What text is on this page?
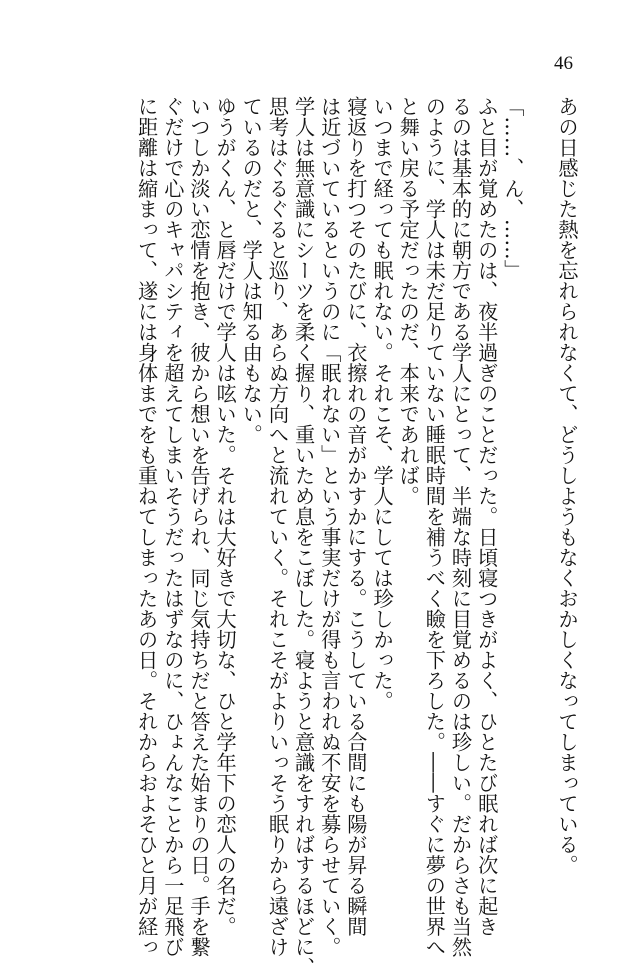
46
あの日感じた熱を忘れられなくて、どうしようもなくおかしくなってしまっている。
「……、ん、……」
ふと目が覚めたのは、夜半過ぎのことだった。日頃寝つきがよく、ひとたび眠れば次に起き
るのは基本的に朝方である学人にとって、半端な時刻に目覚めるのは珍しい。だからさも当然
のように、学人は未だ足りていない睡眠時間を補うべく瞼を下ろした。――すぐに夢の世界へ
と舞い戻る予定だったのだ、本来であれば。
いつまで経っても眠れない。それこそ、学人にしては珍しかった。
寝返りを打つそのたびに、衣擦れの音がかすかにする。こうしている合間にも陽が昇る瞬間
は近づいているというのに「眠れない」という事実だけが得も言われぬ不安を募らせていく。
学人は無意識にシーツを柔く握り、重いため息をこぼした。寝ようと意識をすればするほどに、
思考はぐるぐると巡り、あらぬ方向へと流れていく。それこそがよりいっそう眠りから遠ざけ
ているのだと、学人は知る由もない。
ゆうがくん、と唇だけで学人は呟いた。それは大好きで大切な、ひと学年下の恋人の名だ。
いつしか淡い恋情を抱き、彼から想いを告げられ、同じ気持ちだと答えた始まりの日。手を繋
ぐだけで心のキャパシティを超えてしまいそうだったはずなのに、ひょんなことから一足飛び
に距離は縮まって、遂には身体までをも重ねてしまったあの日。それからおよそひと月が経っ
